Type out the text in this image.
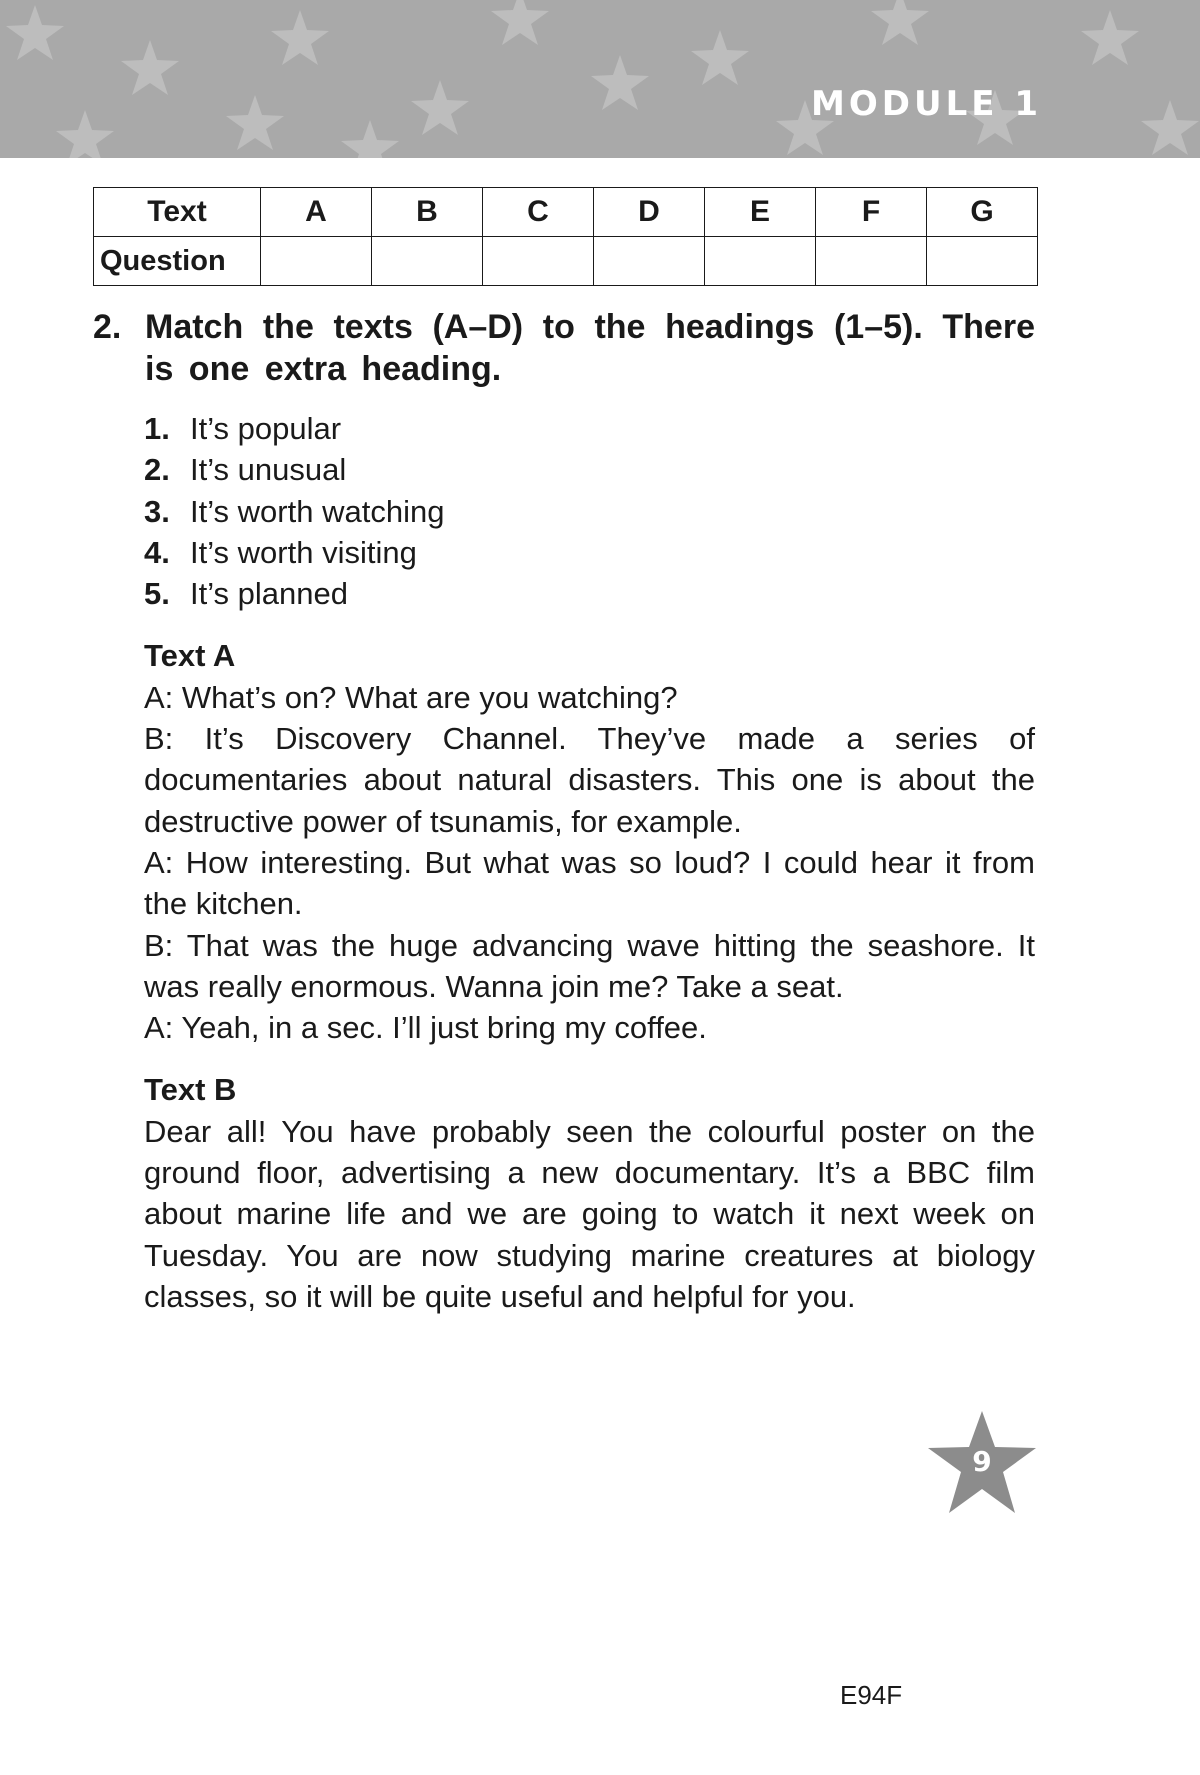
MODULE 1
Text	A	B	C	D	E	F	G
Question							
2. Match the texts (A–D) to the headings (1–5). There is one extra heading.
1. It’s popular
2. It’s unusual
3. It’s worth watching
4. It’s worth visiting
5. It’s planned
Text A

A: What’s on? What are you watching?

B: It’s Discovery Channel. They’ve made a series of documentaries about natural disasters. This one is about the destructive power of tsunamis, for example.

A: How interesting. But what was so loud? I could hear it from the kitchen.

B: That was the huge advancing wave hitting the seashore. It was really enormous. Wanna join me? Take a seat.

A: Yeah, in a sec. I’ll just bring my coffee.

Text B

Dear all! You have probably seen the colourful poster on the ground floor, advertising a new documentary. It’s a BBC film about marine life and we are going to watch it next week on Tuesday. You are now studying marine creatures at biology classes, so it will be quite useful and helpful for you.

9
E94F
